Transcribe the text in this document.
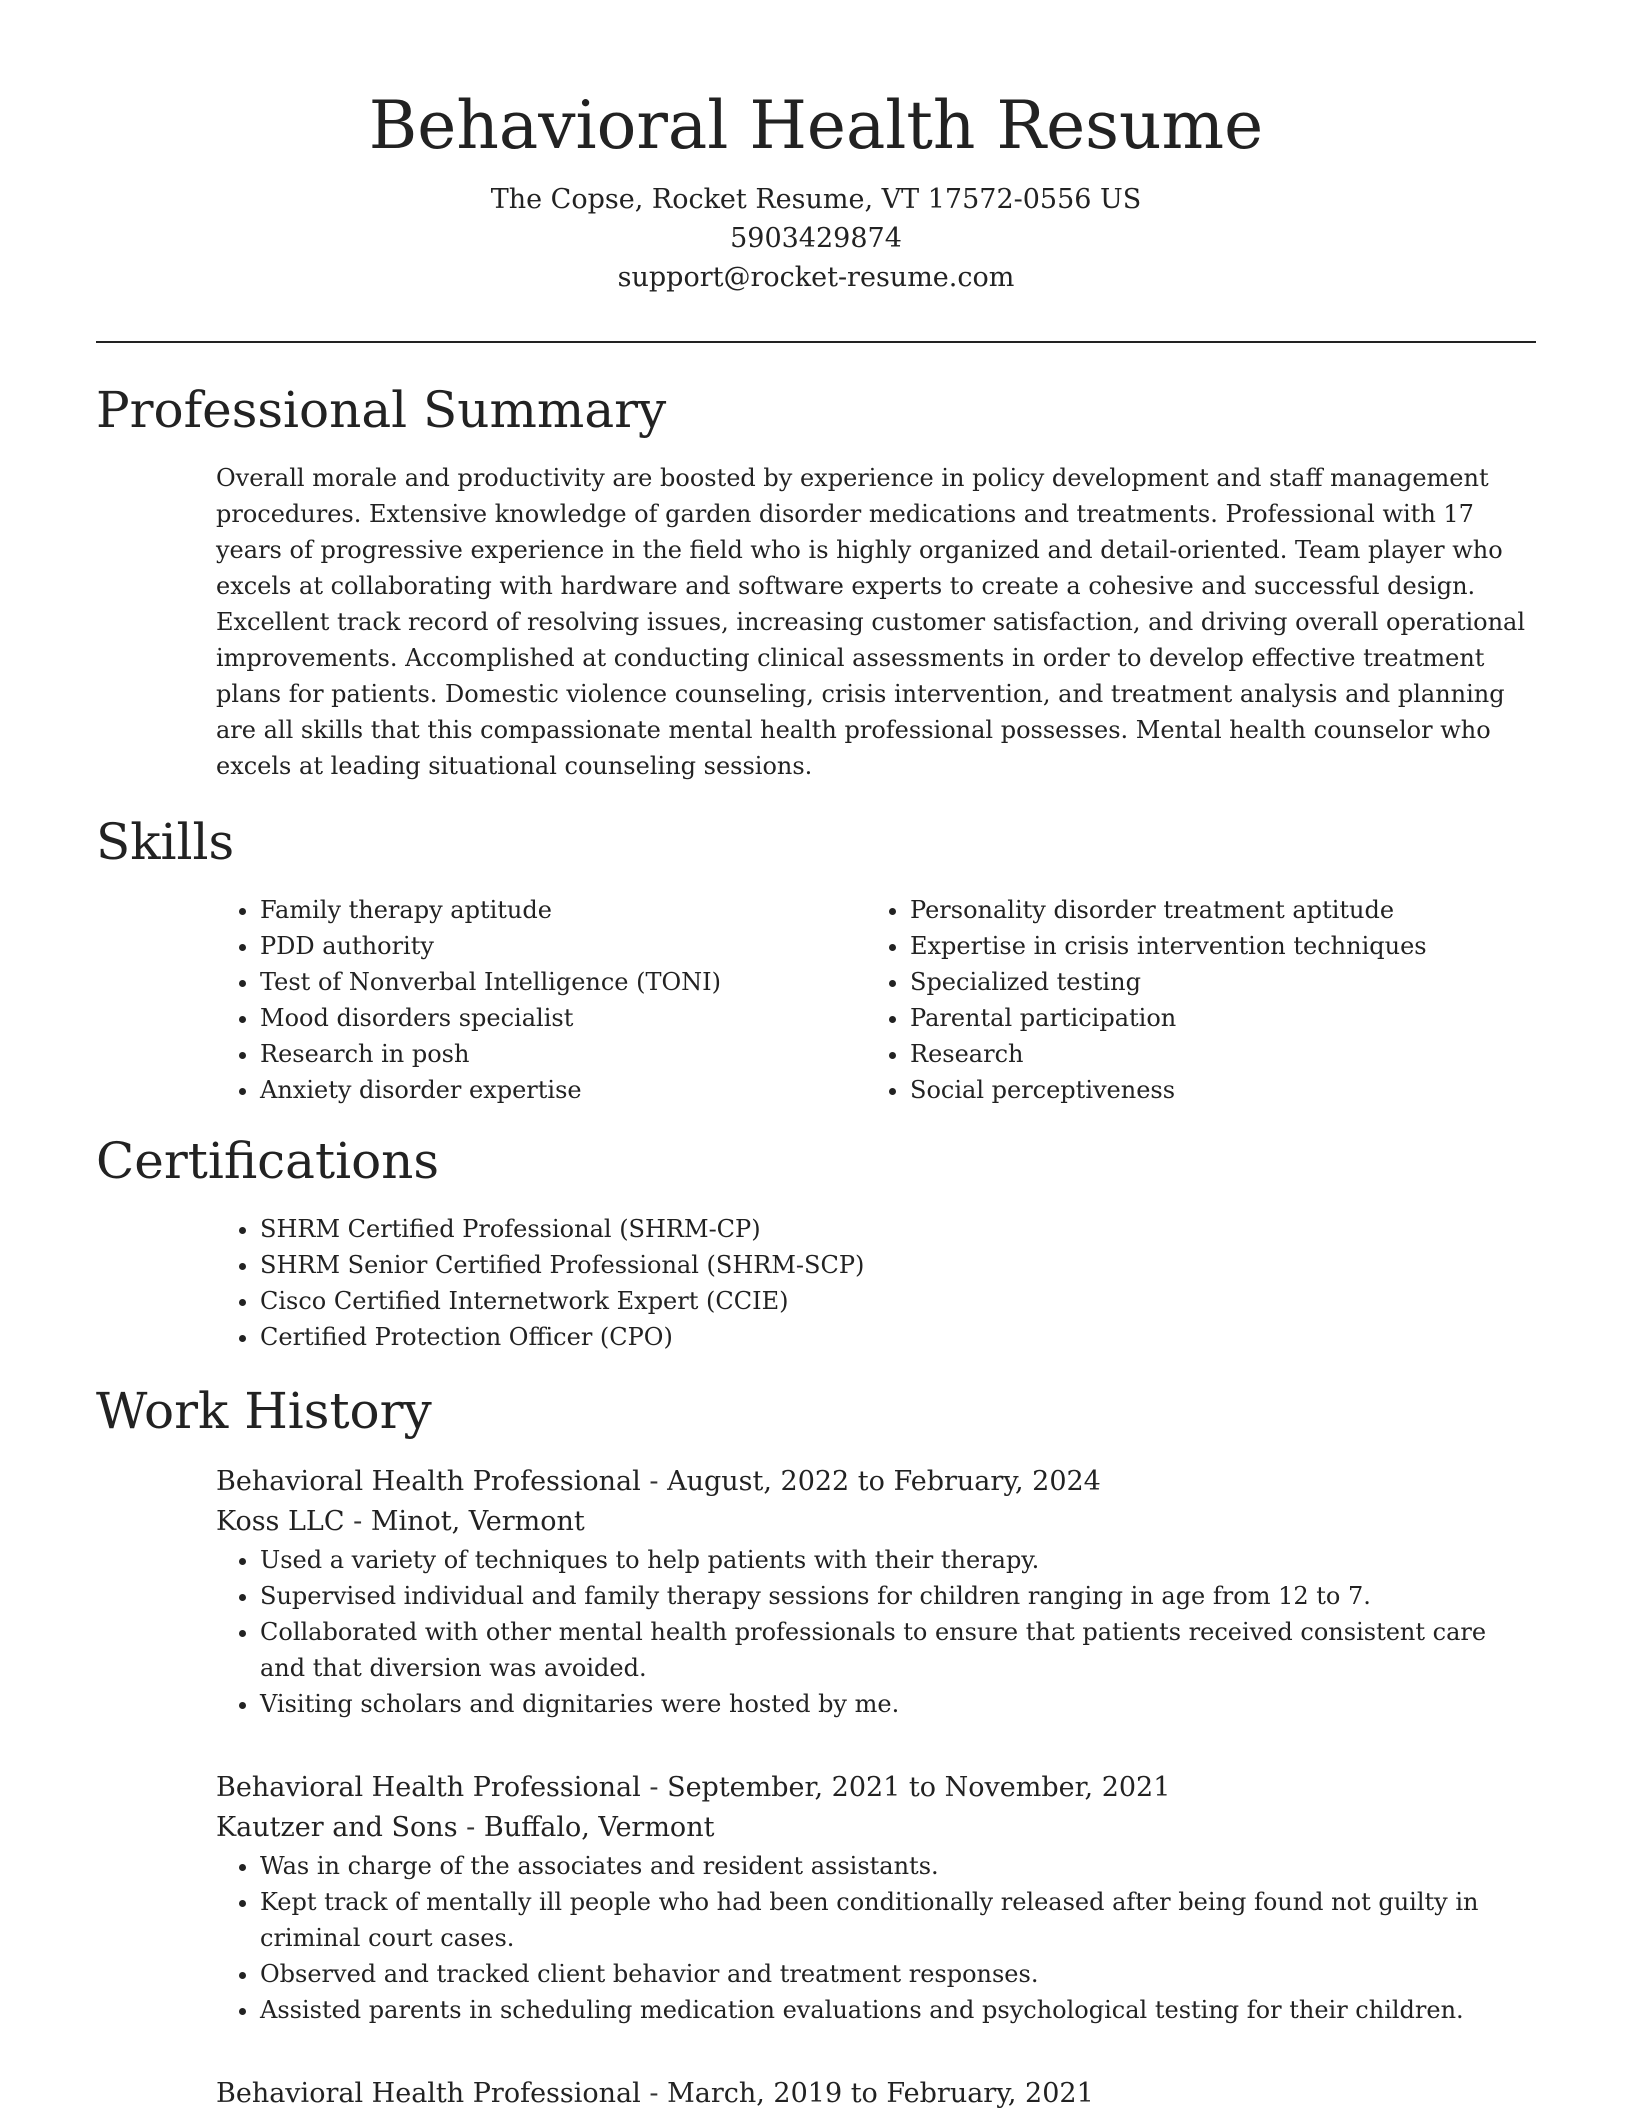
Behavioral Health Resume
The Copse, Rocket Resume, VT 17572-0556 US
5903429874
support@rocket-resume.com
Professional Summary

Overall morale and productivity are boosted by experience in policy development and staff management procedures. Extensive knowledge of garden disorder medications and treatments. Professional with 17 years of progressive experience in the field who is highly organized and detail-oriented. Team player who excels at collaborating with hardware and software experts to create a cohesive and successful design. Excellent track record of resolving issues, increasing customer satisfaction, and driving overall operational improvements. Accomplished at conducting clinical assessments in order to develop effective treatment plans for patients. Domestic violence counseling, crisis intervention, and treatment analysis and planning are all skills that this compassionate mental health professional possesses. Mental health counselor who excels at leading situational counseling sessions.

Skills
• Family therapy aptitude
• PDD authority
• Test of Nonverbal Intelligence (TONI)
• Mood disorders specialist
• Research in posh
• Anxiety disorder expertise
• Personality disorder treatment aptitude
• Expertise in crisis intervention techniques
• Specialized testing
• Parental participation
• Research
• Social perceptiveness
Certifications
• SHRM Certified Professional (SHRM-CP)
• SHRM Senior Certified Professional (SHRM-SCP)
• Cisco Certified Internetwork Expert (CCIE)
• Certified Protection Officer (CPO)
Work History
Behavioral Health Professional - August, 2022 to February, 2024
Koss LLC - Minot, Vermont
• Used a variety of techniques to help patients with their therapy.
• Supervised individual and family therapy sessions for children ranging in age from 12 to 7.
• Collaborated with other mental health professionals to ensure that patients received consistent care and that diversion was avoided.
• Visiting scholars and dignitaries were hosted by me.
Behavioral Health Professional - September, 2021 to November, 2021
Kautzer and Sons - Buffalo, Vermont
• Was in charge of the associates and resident assistants.
• Kept track of mentally ill people who had been conditionally released after being found not guilty in criminal court cases.
• Observed and tracked client behavior and treatment responses.
• Assisted parents in scheduling medication evaluations and psychological testing for their children.
Behavioral Health Professional - March, 2019 to February, 2021
